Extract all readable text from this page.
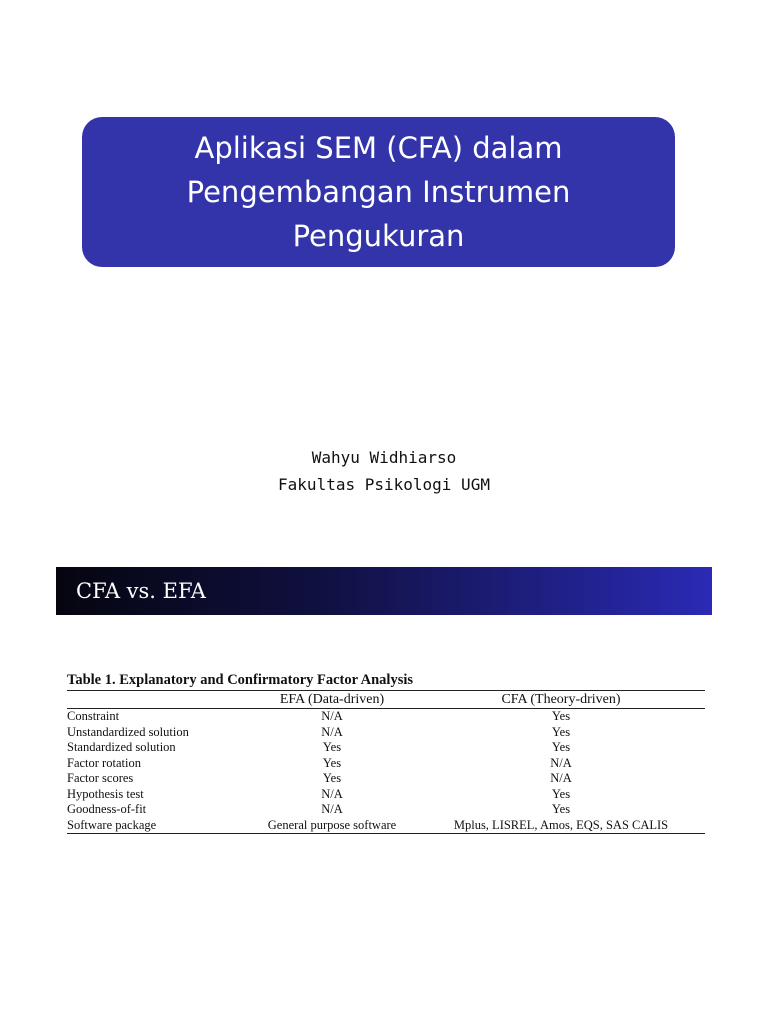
Aplikasi SEM (CFA) dalam Pengembangan Instrumen Pengukuran
Wahyu Widhiarso
Fakultas Psikologi UGM
CFA vs. EFA
Table 1. Explanatory and Confirmatory Factor Analysis
	EFA (Data-driven)	CFA (Theory-driven)
Constraint	N/A	Yes
Unstandardized solution	N/A	Yes
Standardized solution	Yes	Yes
Factor rotation	Yes	N/A
Factor scores	Yes	N/A
Hypothesis test	N/A	Yes
Goodness-of-fit	N/A	Yes
Software package	General purpose software	Mplus, LISREL, Amos, EQS, SAS CALIS
